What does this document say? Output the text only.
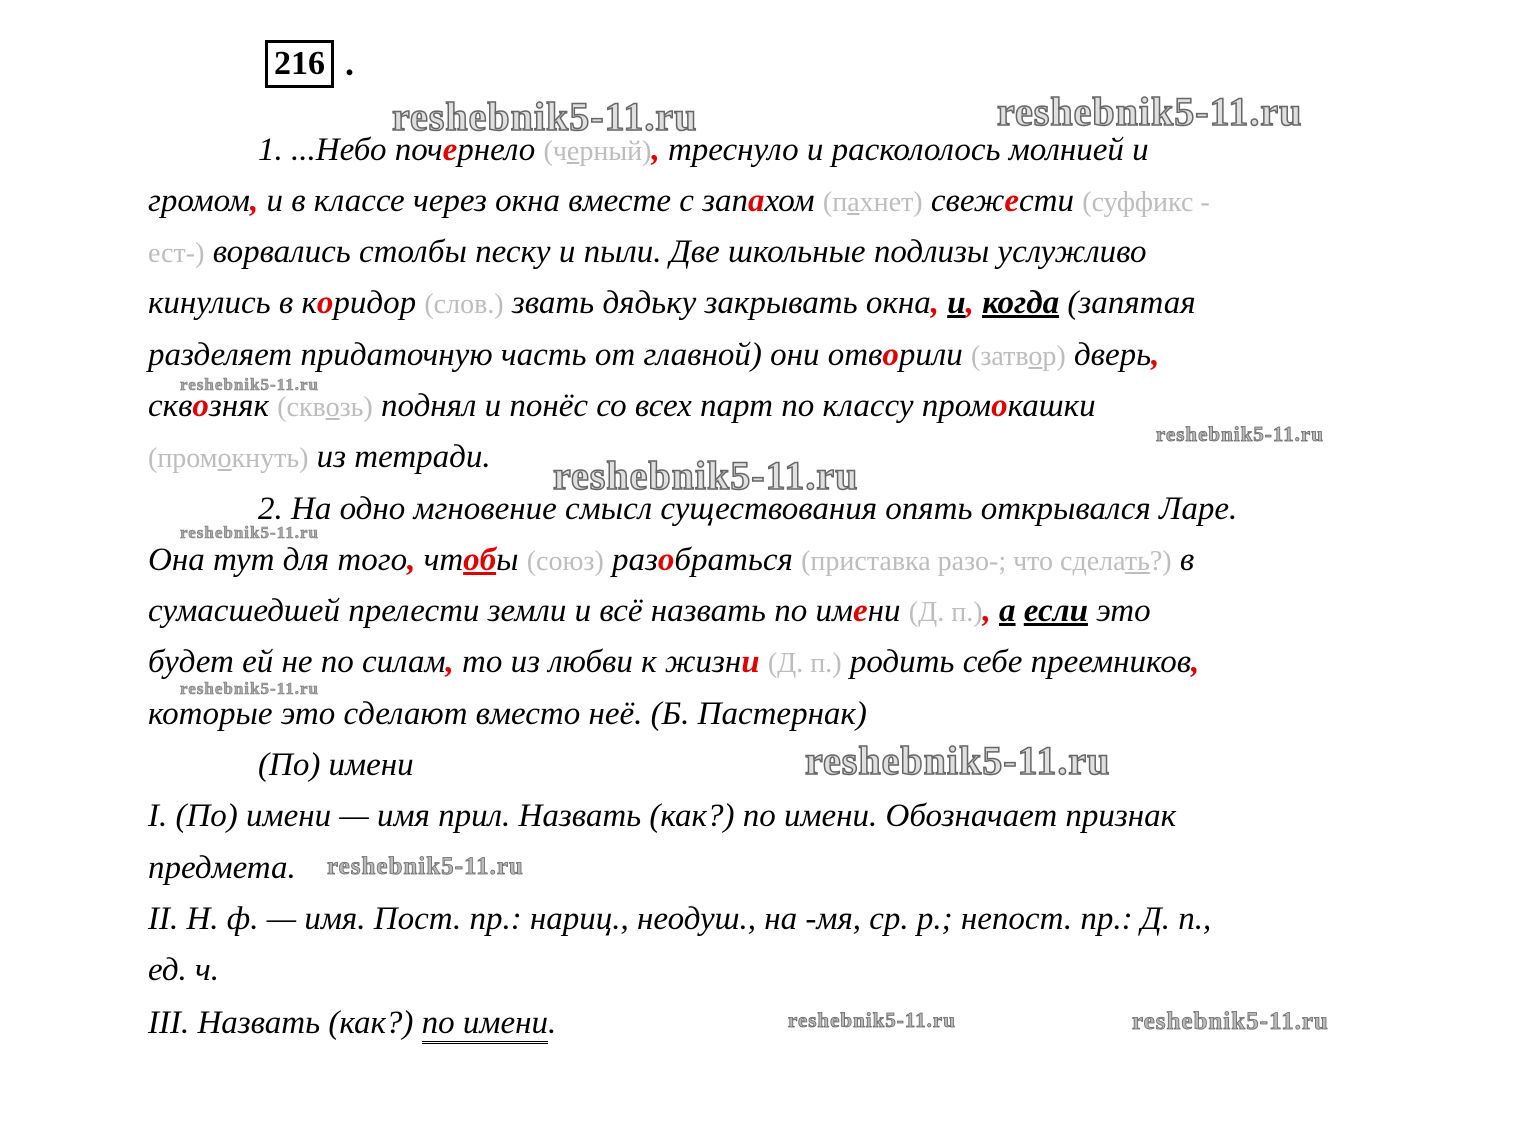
216 .
1. ...Небо почернело (черный), треснуло и раскололось молнией и
громом, и в классе через окна вместе с запахом (пахнет) свежести (суффикс -
ест-) ворвались столбы песку и пыли. Две школьные подлизы услужливо
кинулись в коридор (слов.) звать дядьку закрывать окна, и, когда (запятая
разделяет придаточную часть от главной) они отворили (затвор) дверь,
сквозняк (сквозь) поднял и понёс со всех парт по классу промокашки
(промокнуть) из тетради.
2. На одно мгновение смысл существования опять открывался Ларе.
Она тут для того, чтобы (союз) разобраться (приставка разо-; что сделать?) в
сумасшедшей прелести земли и всё назвать по имени (Д. п.), а если это
будет ей не по силам, то из любви к жизни (Д. п.) родить себе преемников,
которые это сделают вместо неё. (Б. Пастернак)
(По) имени
I. (По) имени — имя прил. Назвать (как?) по имени. Обозначает признак
предмета.
II. Н. ф. — имя. Пост. пр.: нариц., неодуш., на -мя, ср. р.; непост. пр.: Д. п.,
ед. ч.
III. Назвать (как?) по имени.
reshebnik5-11.ru	reshebnik5-11.ru
reshebnik5-11.ru
reshebnik5-11.ru
reshebnik5-11.ru
reshebnik5-11.ru
reshebnik5-11.ru
reshebnik5-11.ru
reshebnik5-11.ru
reshebnik5-11.ru	reshebnik5-11.ru
